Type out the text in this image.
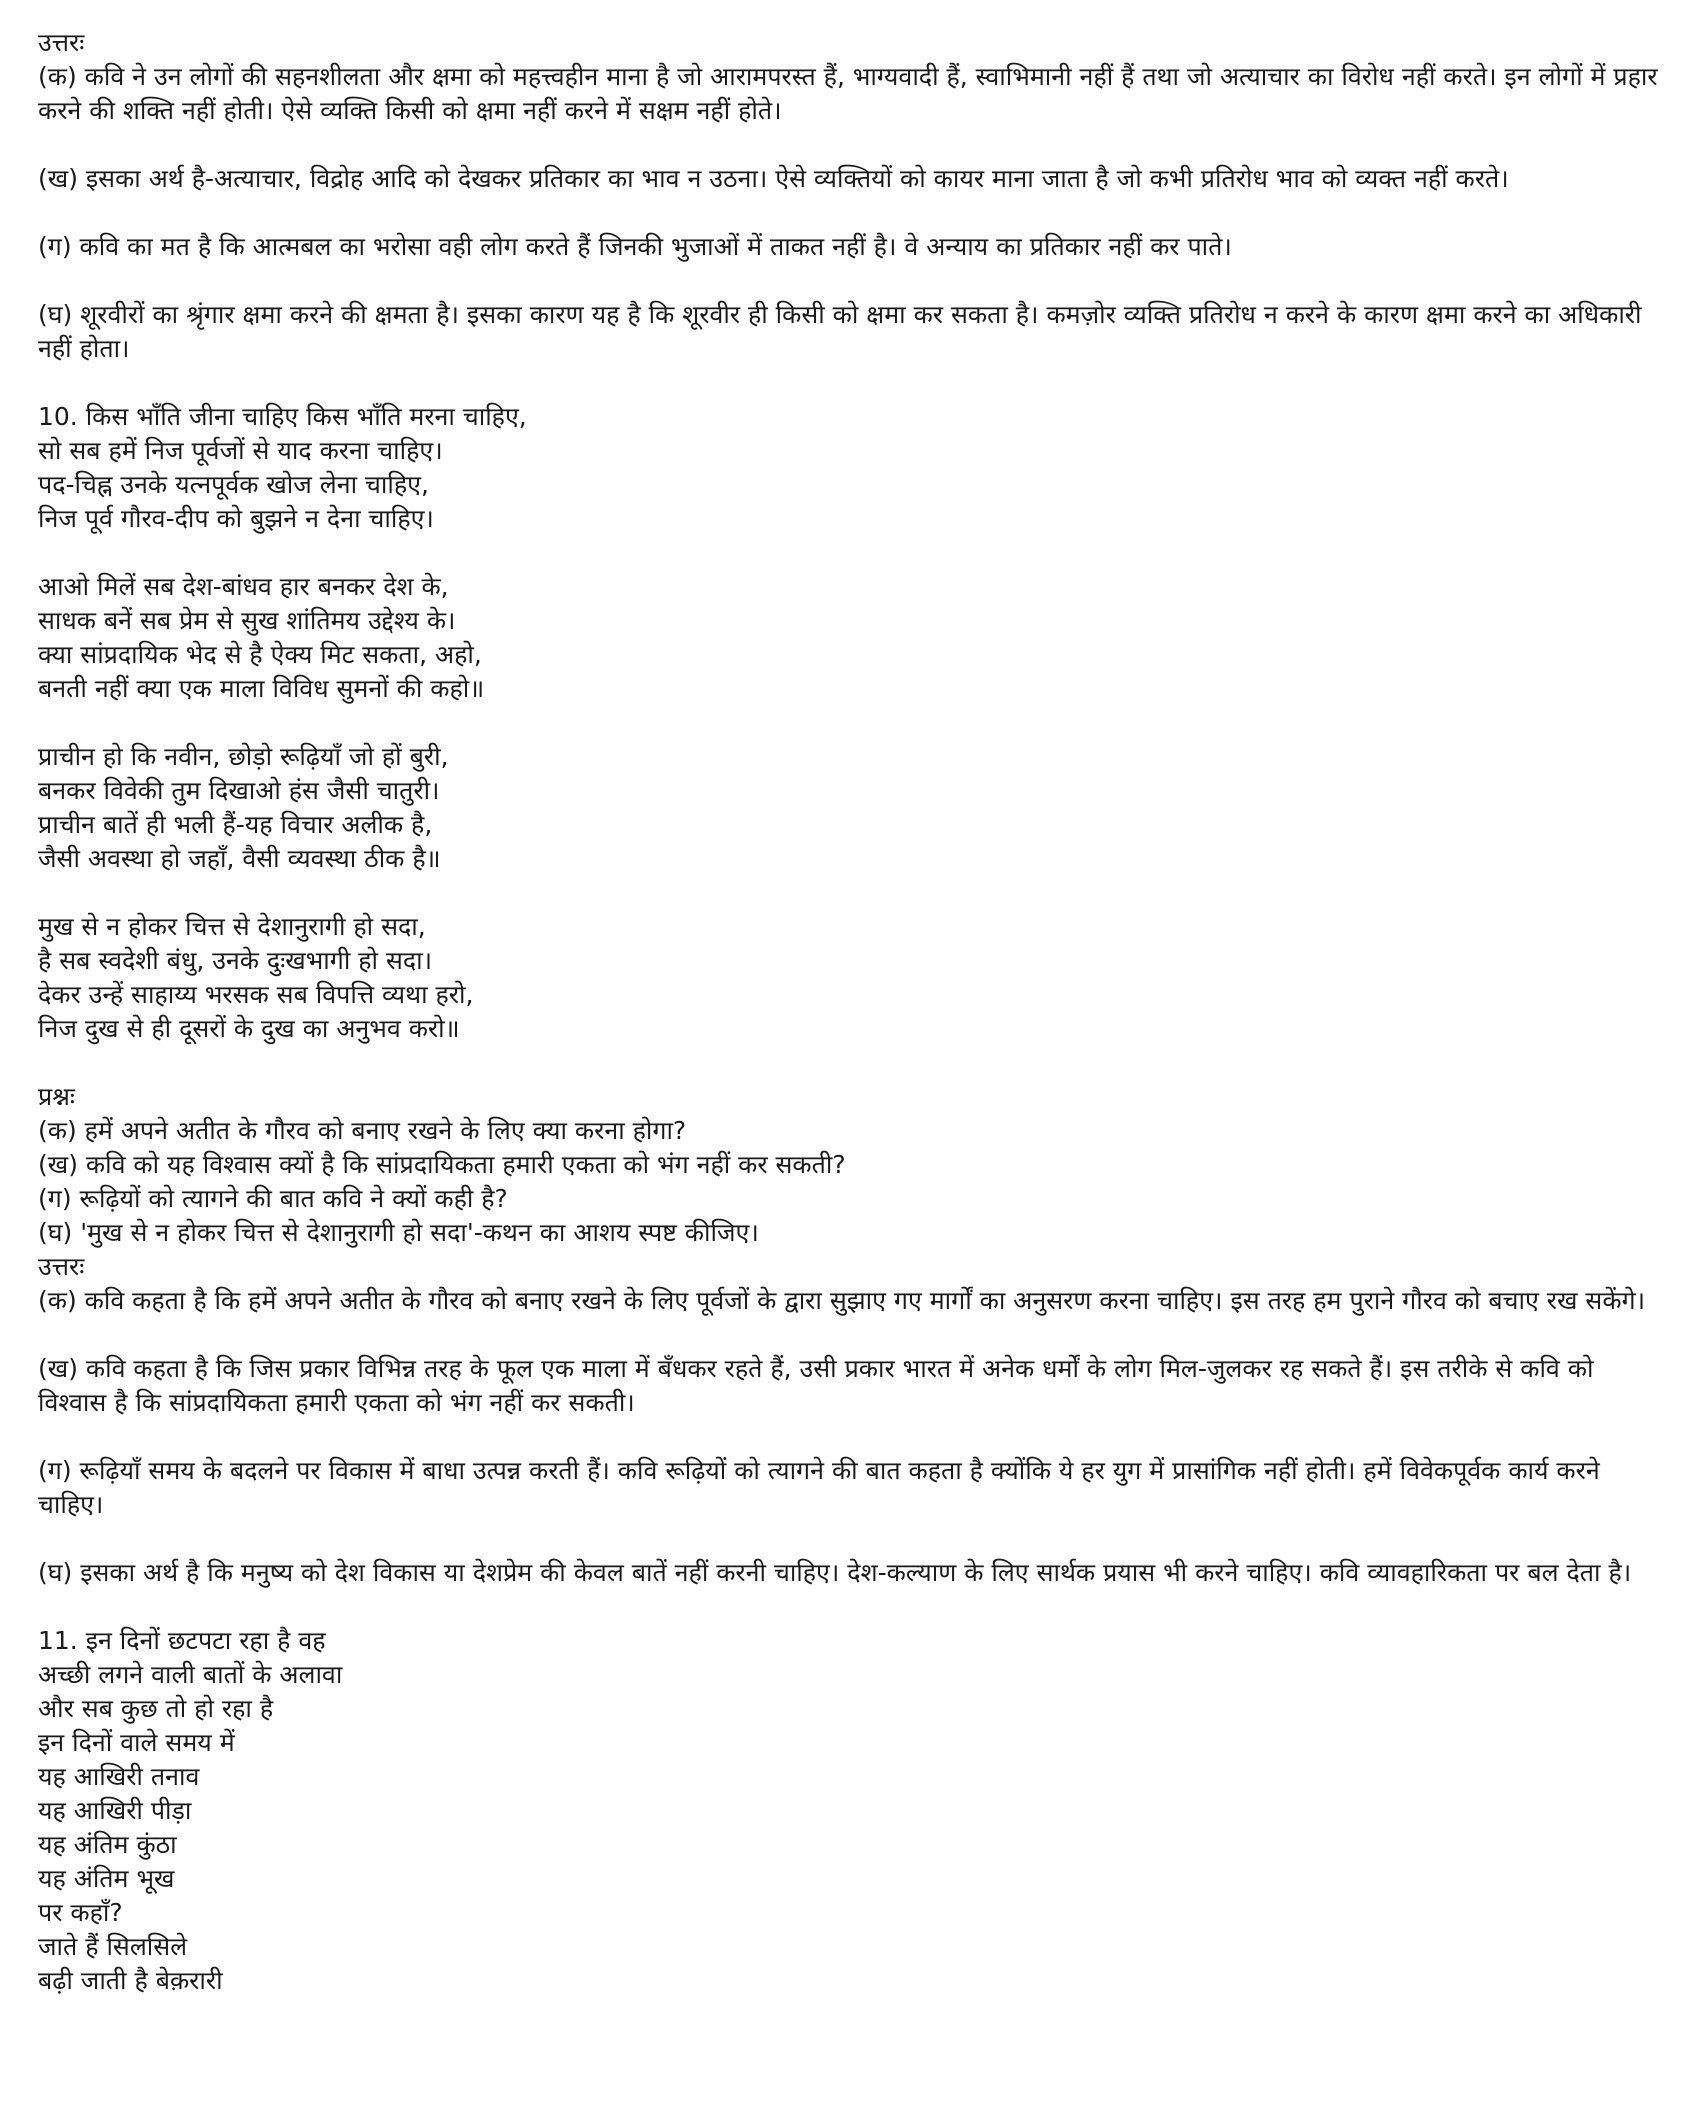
उत्तरः
(क) कवि ने उन लोगों की सहनशीलता और क्षमा को महत्त्वहीन माना है जो आरामपरस्त हैं, भाग्यवादी हैं, स्वाभिमानी नहीं हैं तथा जो अत्याचार का विरोध नहीं करते। इन लोगों में प्रहार करने की शक्ति नहीं होती। ऐसे व्यक्ति किसी को क्षमा नहीं करने में सक्षम नहीं होते।
(ख) इसका अर्थ है-अत्याचार, विद्रोह आदि को देखकर प्रतिकार का भाव न उठना। ऐसे व्यक्तियों को कायर माना जाता है जो कभी प्रतिरोध भाव को व्यक्त नहीं करते।
(ग) कवि का मत है कि आत्मबल का भरोसा वही लोग करते हैं जिनकी भुजाओं में ताकत नहीं है। वे अन्याय का प्रतिकार नहीं कर पाते।
(घ) शूरवीरों का श्रृंगार क्षमा करने की क्षमता है। इसका कारण यह है कि शूरवीर ही किसी को क्षमा कर सकता है। कमज़ोर व्यक्ति प्रतिरोध न करने के कारण क्षमा करने का अधिकारी नहीं होता।
10. किस भाँति जीना चाहिए किस भाँति मरना चाहिए,
सो सब हमें निज पूर्वजों से याद करना चाहिए।
पद-चिह्न उनके यत्नपूर्वक खोज लेना चाहिए,
निज पूर्व गौरव-दीप को बुझने न देना चाहिए।
आओ मिलें सब देश-बांधव हार बनकर देश के,
साधक बनें सब प्रेम से सुख शांतिमय उद्देश्य के।
क्या सांप्रदायिक भेद से है ऐक्य मिट सकता, अहो,
बनती नहीं क्या एक माला विविध सुमनों की कहो॥
प्राचीन हो कि नवीन, छोड़ो रूढ़ियाँ जो हों बुरी,
बनकर विवेकी तुम दिखाओ हंस जैसी चातुरी।
प्राचीन बातें ही भली हैं-यह विचार अलीक है,
जैसी अवस्था हो जहाँ, वैसी व्यवस्था ठीक है॥
मुख से न होकर चित्त से देशानुरागी हो सदा,
है सब स्वदेशी बंधु, उनके दुःखभागी हो सदा।
देकर उन्हें साहाय्य भरसक सब विपत्ति व्यथा हरो,
निज दुख से ही दूसरों के दुख का अनुभव करो॥
प्रश्नः
(क) हमें अपने अतीत के गौरव को बनाए रखने के लिए क्या करना होगा?
(ख) कवि को यह विश्वास क्यों है कि सांप्रदायिकता हमारी एकता को भंग नहीं कर सकती?
(ग) रूढ़ियों को त्यागने की बात कवि ने क्यों कही है?
(घ) 'मुख से न होकर चित्त से देशानुरागी हो सदा'-कथन का आशय स्पष्ट कीजिए।
उत्तरः
(क) कवि कहता है कि हमें अपने अतीत के गौरव को बनाए रखने के लिए पूर्वजों के द्वारा सुझाए गए मार्गों का अनुसरण करना चाहिए। इस तरह हम पुराने गौरव को बचाए रख सकेंगे।
(ख) कवि कहता है कि जिस प्रकार विभिन्न तरह के फूल एक माला में बँधकर रहते हैं, उसी प्रकार भारत में अनेक धर्मों के लोग मिल-जुलकर रह सकते हैं। इस तरीके से कवि को विश्वास है कि सांप्रदायिकता हमारी एकता को भंग नहीं कर सकती।
(ग) रूढ़ियाँ समय के बदलने पर विकास में बाधा उत्पन्न करती हैं। कवि रूढ़ियों को त्यागने की बात कहता है क्योंकि ये हर युग में प्रासांगिक नहीं होती। हमें विवेकपूर्वक कार्य करने चाहिए।
(घ) इसका अर्थ है कि मनुष्य को देश विकास या देशप्रेम की केवल बातें नहीं करनी चाहिए। देश-कल्याण के लिए सार्थक प्रयास भी करने चाहिए। कवि व्यावहारिकता पर बल देता है।
11. इन दिनों छटपटा रहा है वह
अच्छी लगने वाली बातों के अलावा
और सब कुछ तो हो रहा है
इन दिनों वाले समय में
यह आखिरी तनाव
यह आखिरी पीड़ा
यह अंतिम कुंठा
यह अंतिम भूख
पर कहाँ?
जाते हैं सिलसिले
बढ़ी जाती है बेक़रारी
